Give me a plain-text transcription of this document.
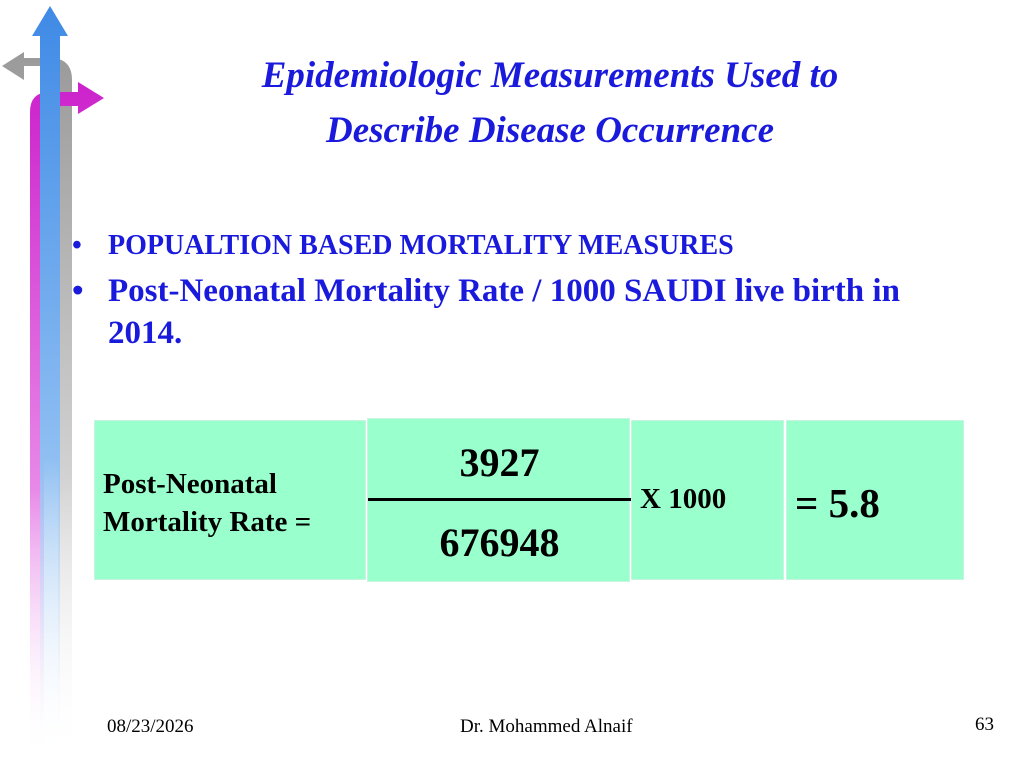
Epidemiologic Measurements Used to
Describe Disease Occurrence
• POPUALTION BASED MORTALITY MEASURES
• Post-Neonatal Mortality Rate / 1000 SAUDI live birth in 2014.
Post-Neonatal
Mortality Rate =
3927
676948
X 1000	= 5.8
08/23/2026	Dr. Mohammed Alnaif	63
